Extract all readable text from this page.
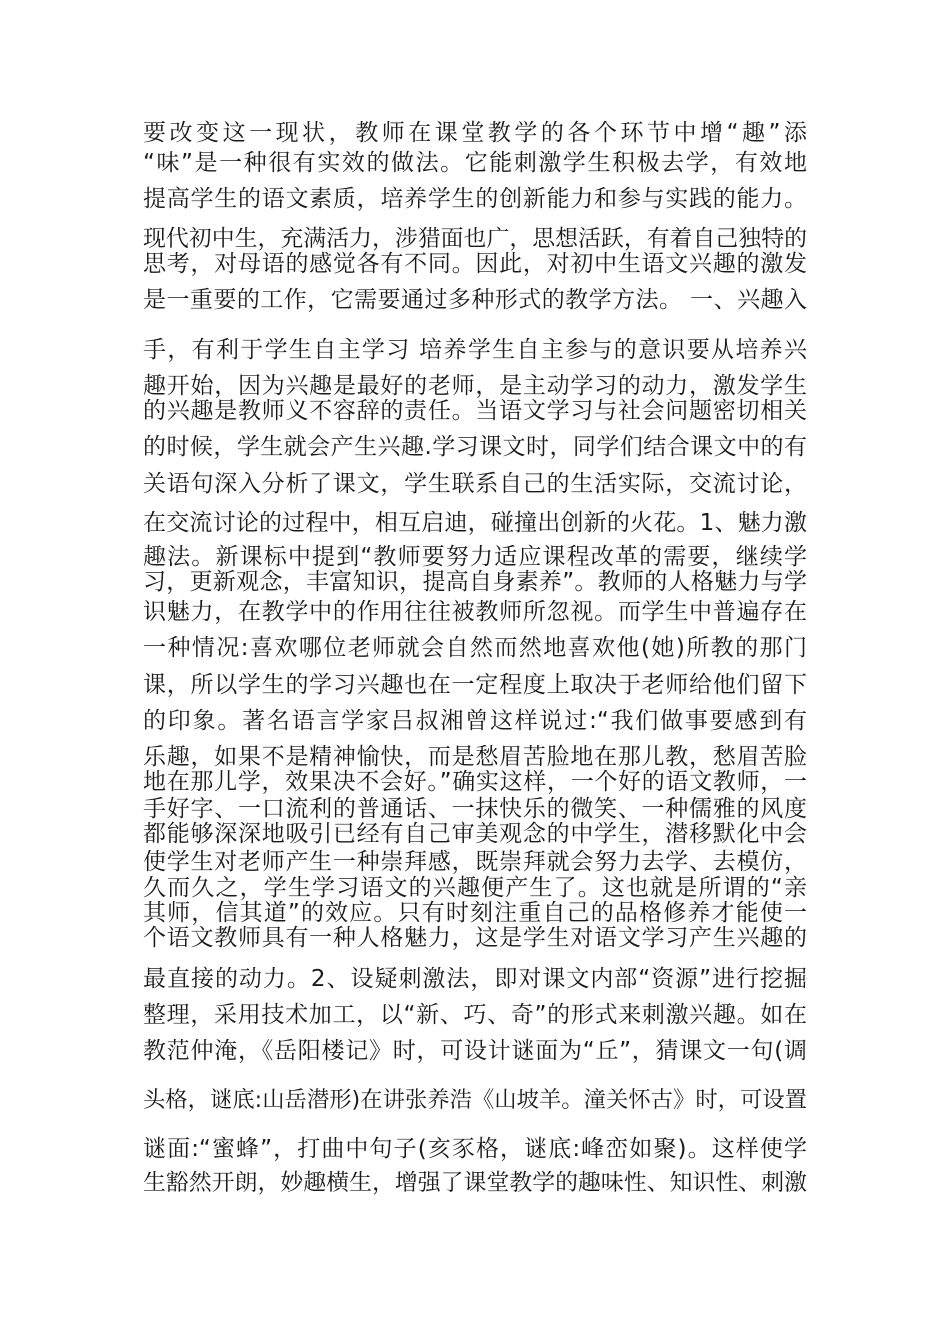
要改变这一现状，教师在课堂教学的各个环节中增“趣”添
“味”是一种很有实效的做法。它能刺激学生积极去学，有效地
提高学生的语文素质，培养学生的创新能力和参与实践的能力。
现代初中生，充满活力，涉猎面也广，思想活跃，有着自己独特的
思考，对母语的感觉各有不同。因此，对初中生语文兴趣的激发
是一重要的工作，它需要通过多种形式的教学方法。 一、兴趣入
手，有利于学生自主学习 培养学生自主参与的意识要从培养兴
趣开始，因为兴趣是最好的老师，是主动学习的动力，激发学生
的兴趣是教师义不容辞的责任。当语文学习与社会问题密切相关
的时候，学生就会产生兴趣.学习课文时，同学们结合课文中的有
关语句深入分析了课文，学生联系自己的生活实际，交流讨论，
在交流讨论的过程中，相互启迪，碰撞出创新的火花。1、魅力激
趣法。新课标中提到“教师要努力适应课程改革的需要，继续学
习，更新观念，丰富知识，提高自身素养”。教师的人格魅力与学
识魅力，在教学中的作用往往被教师所忽视。而学生中普遍存在
一种情况:喜欢哪位老师就会自然而然地喜欢他(她)所教的那门
课，所以学生的学习兴趣也在一定程度上取决于老师给他们留下
的印象。著名语言学家吕叔湘曾这样说过:“我们做事要感到有
乐趣，如果不是精神愉快，而是愁眉苦脸地在那儿教，愁眉苦脸
地在那儿学，效果决不会好。”确实这样，一个好的语文教师，一
手好字、一口流利的普通话、一抹快乐的微笑、一种儒雅的风度
都能够深深地吸引已经有自己审美观念的中学生，潜移默化中会
使学生对老师产生一种崇拜感，既崇拜就会努力去学、去模仿，
久而久之，学生学习语文的兴趣便产生了。这也就是所谓的“亲
其师，信其道”的效应。只有时刻注重自己的品格修养才能使一
个语文教师具有一种人格魅力，这是学生对语文学习产生兴趣的
最直接的动力。2、设疑刺激法，即对课文内部“资源”进行挖掘
整理，采用技术加工，以“新、巧、奇”的形式来刺激兴趣。如在
教范仲淹，《岳阳楼记》时，可设计谜面为“丘”，猜课文一句(调
头格，谜底:山岳潜形)在讲张养浩《山坡羊。潼关怀古》时，可设置
谜面:“蜜蜂”，打曲中句子(亥豕格，谜底:峰峦如聚)。这样使学
生豁然开朗，妙趣横生，增强了课堂教学的趣味性、知识性、刺激
